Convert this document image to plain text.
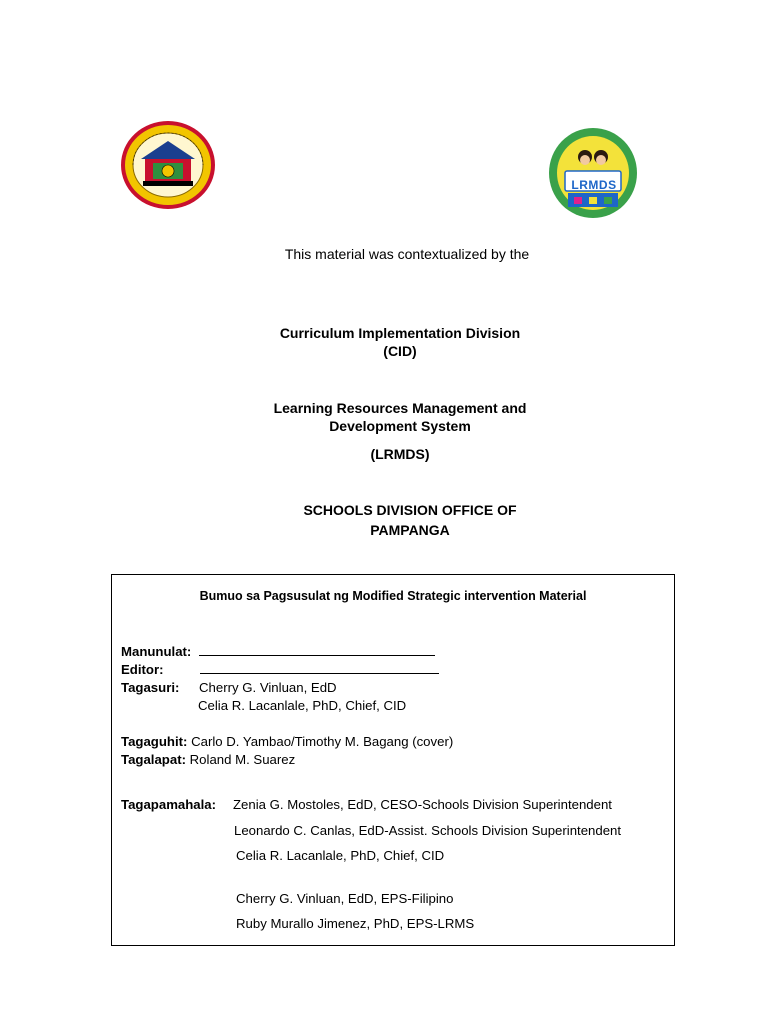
LRMDS
This material was contextualized by the
Curriculum Implementation Division
(CID)
Learning Resources Management and
Development System
(LRMDS)
SCHOOLS DIVISION OFFICE OF
PAMPANGA
Bumuo sa Pagsusulat ng Modified Strategic intervention Material
Manunulat:
Editor:
Tagasuri: Cherry G. Vinluan, EdD
Celia R. Lacanlale, PhD, Chief, CID
Tagaguhit: Carlo D. Yambao/Timothy M. Bagang (cover)
Tagalapat: Roland M. Suarez
Tagapamahala: Zenia G. Mostoles, EdD, CESO-Schools Division Superintendent
Leonardo C. Canlas, EdD-Assist. Schools Division Superintendent
Celia R. Lacanlale, PhD, Chief, CID
Cherry G. Vinluan, EdD, EPS-Filipino
Ruby Murallo Jimenez, PhD, EPS-LRMS
